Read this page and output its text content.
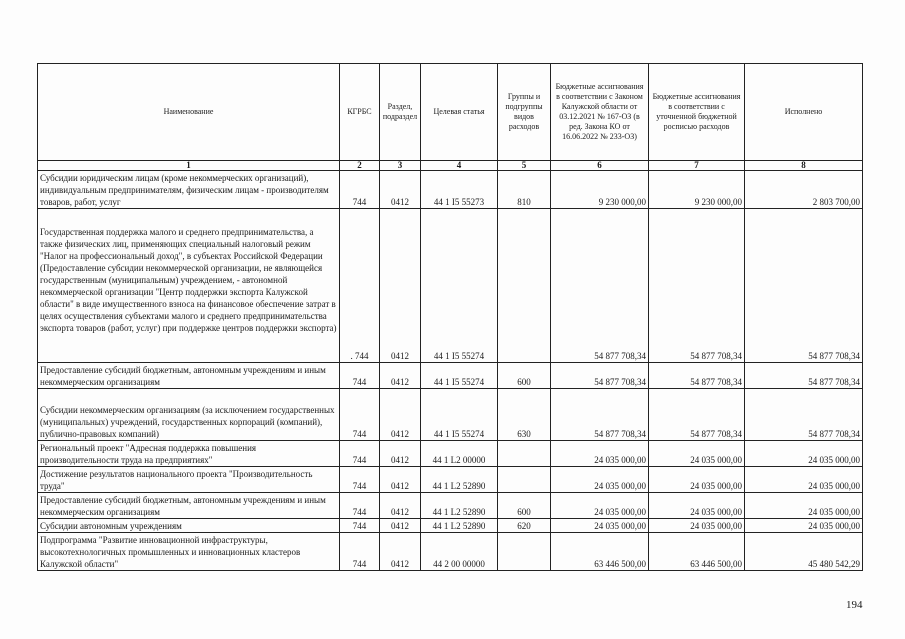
Наименование	КГРБС	Раздел, подраздел	Целевая статья	Группы и подгруппы видов расходов	Бюджетные ассигнования в соответствии с Законом Калужской области от 03.12.2021 № 167-ОЗ (в ред. Закона КО от 16.06.2022 № 233-ОЗ)	Бюджетные ассигнования в соответствии с уточненной бюджетной росписью расходов	Исполнено
1	2	3	4	5	6	7	8
Субсидии юридическим лицам (кроме некоммерческих организаций), индивидуальным предпринимателям, физическим лицам - производителям товаров, работ, услуг	744	0412	44 1 I5 55273	810	9 230 000,00	9 230 000,00	2 803 700,00
Государственная поддержка малого и среднего предпринимательства, а также физических лиц, применяющих специальный налоговый режим "Налог на профессиональный доход", в субъектах Российской Федерации (Предоставление субсидии некоммерческой организации, не являющейся государственным (муниципальным) учреждением, - автономной некоммерческой организации "Центр поддержки экспорта Калужской области" в виде имущественного взноса на финансовое обеспечение затрат в целях осуществления субъектами малого и среднего предпринимательства экспорта товаров (работ, услуг) при поддержке центров поддержки экспорта)	. 744	0412	44 1 I5 55274		54 877 708,34	54 877 708,34	54 877 708,34
Предоставление субсидий бюджетным, автономным учреждениям и иным некоммерческим организациям	744	0412	44 1 I5 55274	600	54 877 708,34	54 877 708,34	54 877 708,34
Субсидии некоммерческим организациям (за исключением государственных (муниципальных) учреждений, государственных корпораций (компаний), публично-правовых компаний)	744	0412	44 1 I5 55274	630	54 877 708,34	54 877 708,34	54 877 708,34
Региональный проект "Адресная поддержка повышения производительности труда на предприятиях"	744	0412	44 1 L2 00000		24 035 000,00	24 035 000,00	24 035 000,00
Достижение результатов национального проекта "Производительность труда"	744	0412	44 1 L2 52890		24 035 000,00	24 035 000,00	24 035 000,00
Предоставление субсидий бюджетным, автономным учреждениям и иным некоммерческим организациям	744	0412	44 1 L2 52890	600	24 035 000,00	24 035 000,00	24 035 000,00
Субсидии автономным учреждениям	744	0412	44 1 L2 52890	620	24 035 000,00	24 035 000,00	24 035 000,00
Подпрограмма "Развитие инновационной инфраструктуры, высокотехнологичных промышленных и инновационных кластеров Калужской области"	744	0412	44 2 00 00000		63 446 500,00	63 446 500,00	45 480 542,29
194
